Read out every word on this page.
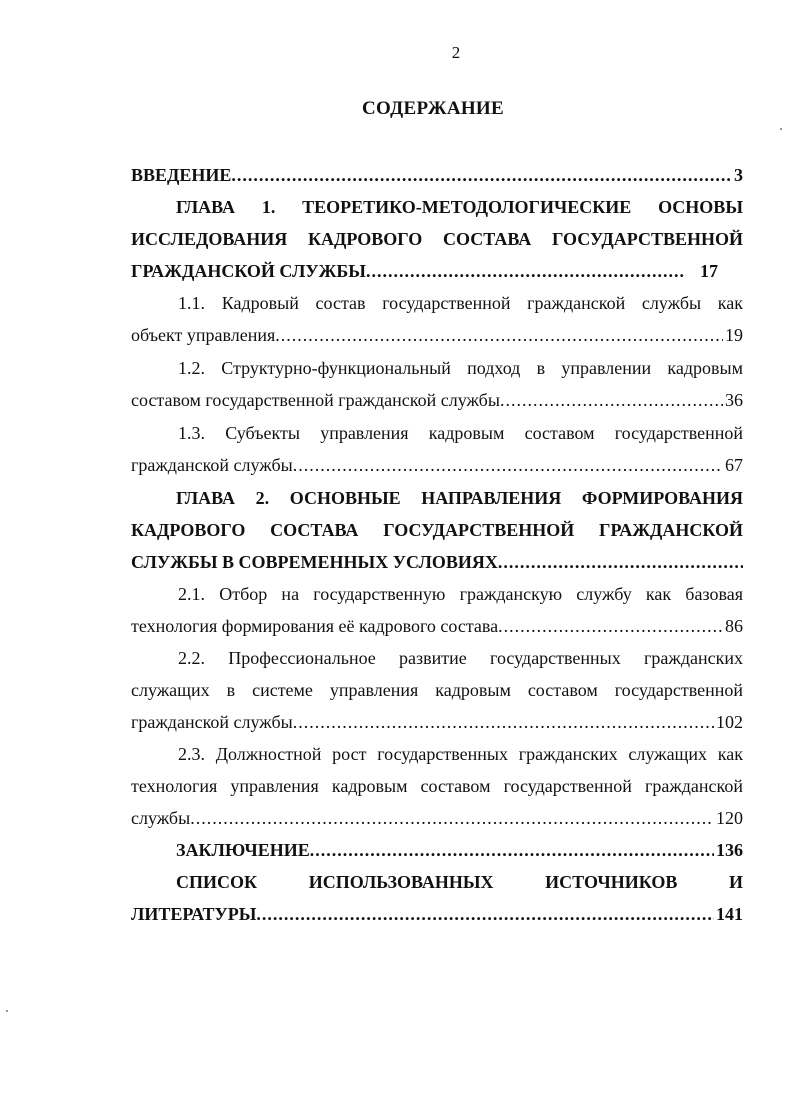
2
СОДЕРЖАНИЕ
ВВЕДЕНИЕ .....	3
ГЛАВА 1. ТЕОРЕТИКО-МЕТОДОЛОГИЧЕСКИЕ ОСНОВЫ
ИССЛЕДОВАНИЯ КАДРОВОГО СОСТАВА ГОСУДАРСТВЕННОЙ
ГРАЖДАНСКОЙ СЛУЖБЫ .....	17
1.1. Кадровый состав государственной гражданской службы как
объект управления .....	19
1.2. Структурно-функциональный подход в управлении кадровым
составом государственной гражданской службы .....	36
1.3. Субъекты управления кадровым составом государственной
гражданской службы .....	67
ГЛАВА 2. ОСНОВНЫЕ НАПРАВЛЕНИЯ ФОРМИРОВАНИЯ
КАДРОВОГО СОСТАВА ГОСУДАРСТВЕННОЙ ГРАЖДАНСКОЙ
СЛУЖБЫ В СОВРЕМЕННЫХ УСЛОВИЯХ
.....
2.1. Отбор на государственную гражданскую службу как базовая
технология формирования её кадрового состава .....	86
2.2. Профессиональное развитие государственных гражданских
служащих в системе управления кадровым составом государственной
гражданской службы .....	102
2.3. Должностной рост государственных гражданских служащих как
технология управления кадровым составом государственной гражданской
службы .....	120
ЗАКЛЮЧЕНИЕ .....	136
СПИСОК ИСПОЛЬЗОВАННЫХ ИСТОЧНИКОВ И
ЛИТЕРАТУРЫ .....	141
